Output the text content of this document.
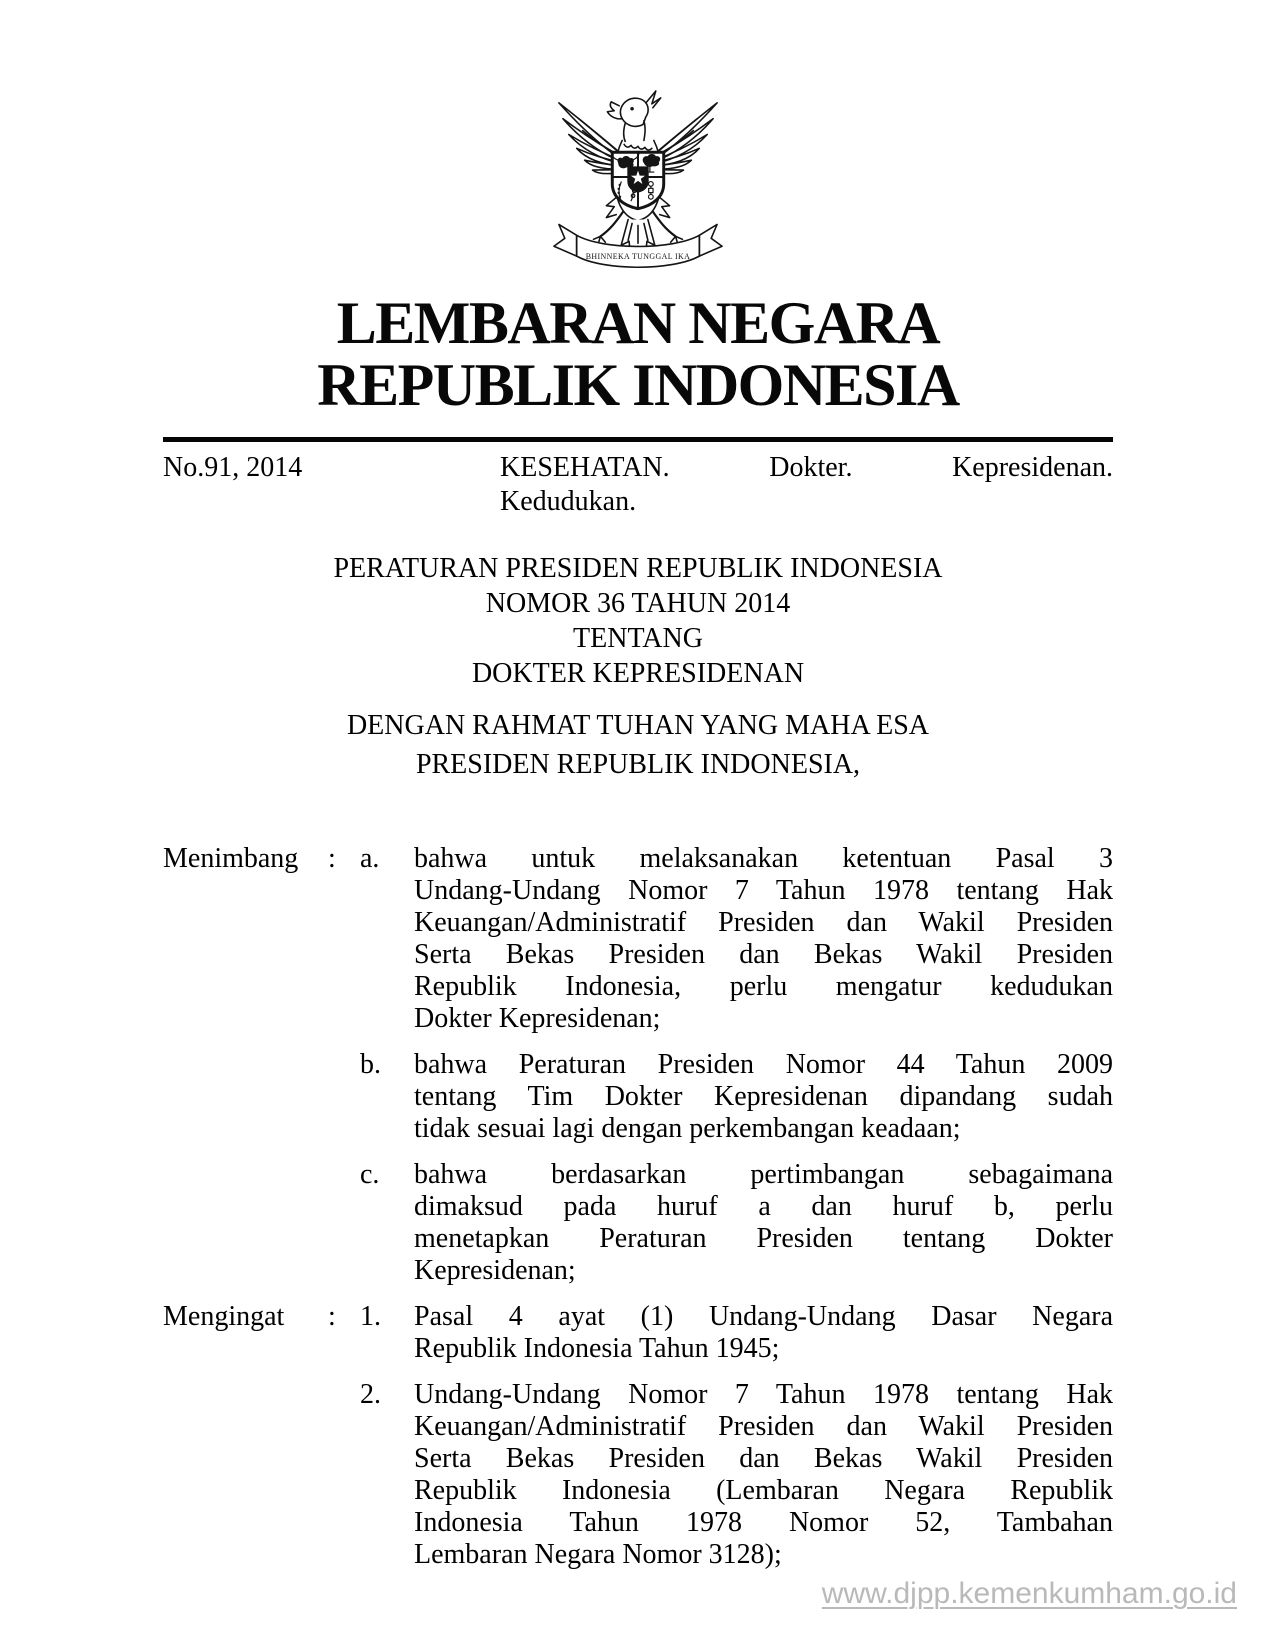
BHINNEKA TUNGGAL IKA
LEMBARAN NEGARA
REPUBLIK INDONESIA
No.91, 2014	KESEHATAN. Dokter. Kepresidenan.
Kedudukan.
PERATURAN PRESIDEN REPUBLIK INDONESIA
NOMOR 36 TAHUN 2014
TENTANG
DOKTER KEPRESIDENAN
DENGAN RAHMAT TUHAN YANG MAHA ESA
PRESIDEN REPUBLIK INDONESIA,
Menimbang	: a.	bahwa untuk melaksanakan ketentuan Pasal 3
Undang-Undang Nomor 7 Tahun 1978 tentang Hak
Keuangan/Administratif Presiden dan Wakil Presiden
Serta Bekas Presiden dan Bekas Wakil Presiden
Republik Indonesia, perlu mengatur kedudukan
Dokter Kepresidenan;
b.	bahwa Peraturan Presiden Nomor 44 Tahun 2009
tentang Tim Dokter Kepresidenan dipandang sudah
tidak sesuai lagi dengan perkembangan keadaan;
c.	bahwa berdasarkan pertimbangan sebagaimana
dimaksud pada huruf a dan huruf b, perlu
menetapkan Peraturan Presiden tentang Dokter
Kepresidenan;
Mengingat	: 1.	Pasal 4 ayat (1) Undang-Undang Dasar Negara
Republik Indonesia Tahun 1945;
2.	Undang-Undang Nomor 7 Tahun 1978 tentang Hak
Keuangan/Administratif Presiden dan Wakil Presiden
Serta Bekas Presiden dan Bekas Wakil Presiden
Republik Indonesia (Lembaran Negara Republik
Indonesia Tahun 1978 Nomor 52, Tambahan
Lembaran Negara Nomor 3128);
www.djpp.kemenkumham.go.id
